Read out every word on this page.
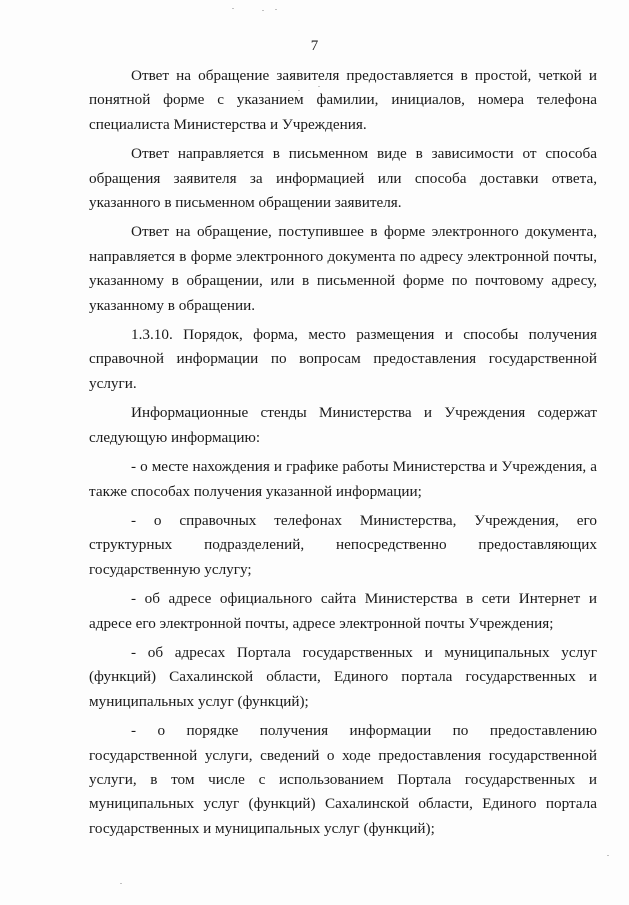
7

Ответ на обращение заявителя предоставляется в простой, четкой и понятной форме с указанием фамилии, инициалов, номера телефона специалиста Министерства и Учреждения.

Ответ направляется в письменном виде в зависимости от способа обращения заявителя за информацией или способа доставки ответа, указанного в письменном обращении заявителя.

Ответ на обращение, поступившее в форме электронного документа, направляется в форме электронного документа по адресу электронной почты, указанному в обращении, или в письменной форме по почтовому адресу, указанному в обращении.

1.3.10. Порядок, форма, место размещения и способы получения справочной информации по вопросам предоставления государственной услуги.

Информационные стенды Министерства и Учреждения содержат следующую информацию:

- о месте нахождения и графике работы Министерства и Учреждения, а также способах получения указанной информации;

- о справочных телефонах Министерства, Учреждения, его структурных подразделений, непосредственно предоставляющих государственную услугу;

- об адресе официального сайта Министерства в сети Интернет и адресе его электронной почты, адресе электронной почты Учреждения;

- об адресах Портала государственных и муниципальных услуг (функций) Сахалинской области, Единого портала государственных и муниципальных услуг (функций);

- о порядке получения информации по предоставлению государственной услуги, сведений о ходе предоставления государственной услуги, в том числе с использованием Портала государственных и муниципальных услуг (функций) Сахалинской области, Единого портала государственных и муниципальных услуг (функций);
